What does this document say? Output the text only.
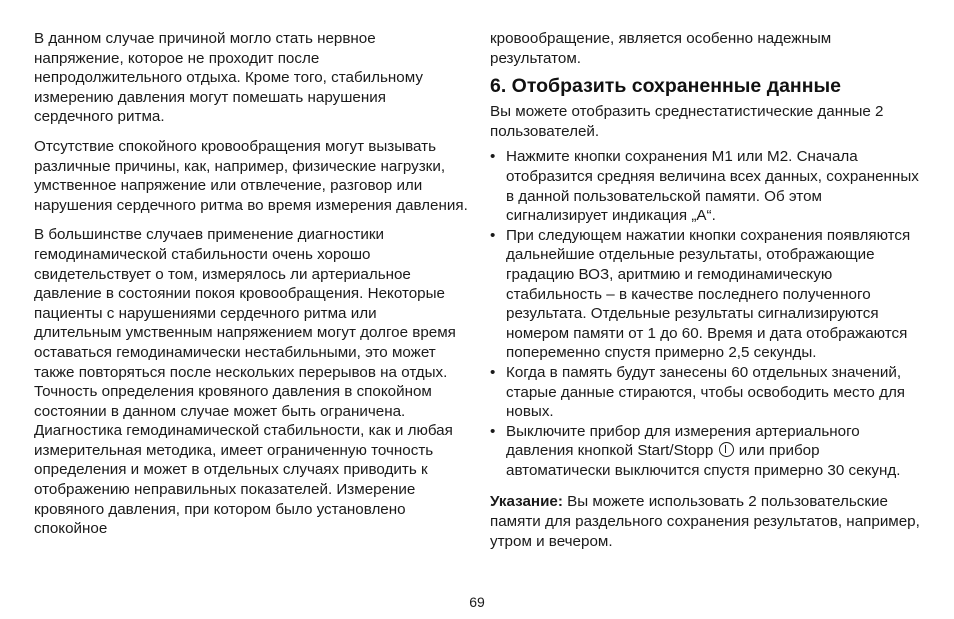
В данном случае причиной могло стать нервное напряжение, которое не проходит после непродолжительного отдыха. Кроме того, стабильному измерению давления могут помешать нарушения сердечного ритма.

Отсутствие спокойного кровообращения могут вызывать различные причины, как, например, физические нагрузки, умственное напряжение или отвлечение, разговор или нарушения сердечного ритма во время измерения давления.

В большинстве случаев применение диагностики гемодинамической стабильности очень хорошо свидетельствует о том, измерялось ли артериальное давление в состоянии покоя кровообращения. Некоторые пациенты с нарушениями сердечного ритма или длительным умственным напряжением могут долгое время оставаться гемодинамически нестабильными, это может также повторяться после нескольких перерывов на отдых. Точность определения кровяного давления в спокойном состоянии в данном случае может быть ограничена. Диагностика гемодинамической стабильности, как и любая измерительная методика, имеет ограниченную точность определения и может в отдельных случаях приводить к отображению неправильных показателей. Измерение кровяного давления, при котором было установлено спокойное

кровообращение, является особенно надежным результатом.

6. Отобразить сохраненные данные

Вы можете отобразить среднестатистические данные 2 пользователей.

• Нажмите кнопки сохранения M1 или M2. Сначала отобразится средняя величина всех данных, сохраненных в данной пользовательской памяти. Об этом сигнализирует индикация „A“.
• При следующем нажатии кнопки сохранения появляются дальнейшие отдельные результаты, отображающие градацию ВОЗ, аритмию и гемодинамическую стабильность – в качестве последнего полученного результата. Отдельные результаты сигнализируются номером памяти от 1 до 60. Время и дата отображаются попеременно спустя примерно 2,5 секунды.
• Когда в память будут занесены 60 отдельных значений, старые данные стираются, чтобы освободить место для новых.
• Выключите прибор для измерения артериального давления кнопкой Start/Stopp или прибор автоматически выключится спустя примерно 30 секунд.

Указание: Вы можете использовать 2 пользовательские памяти для раздельного сохранения результатов, например, утром и вечером.

69
